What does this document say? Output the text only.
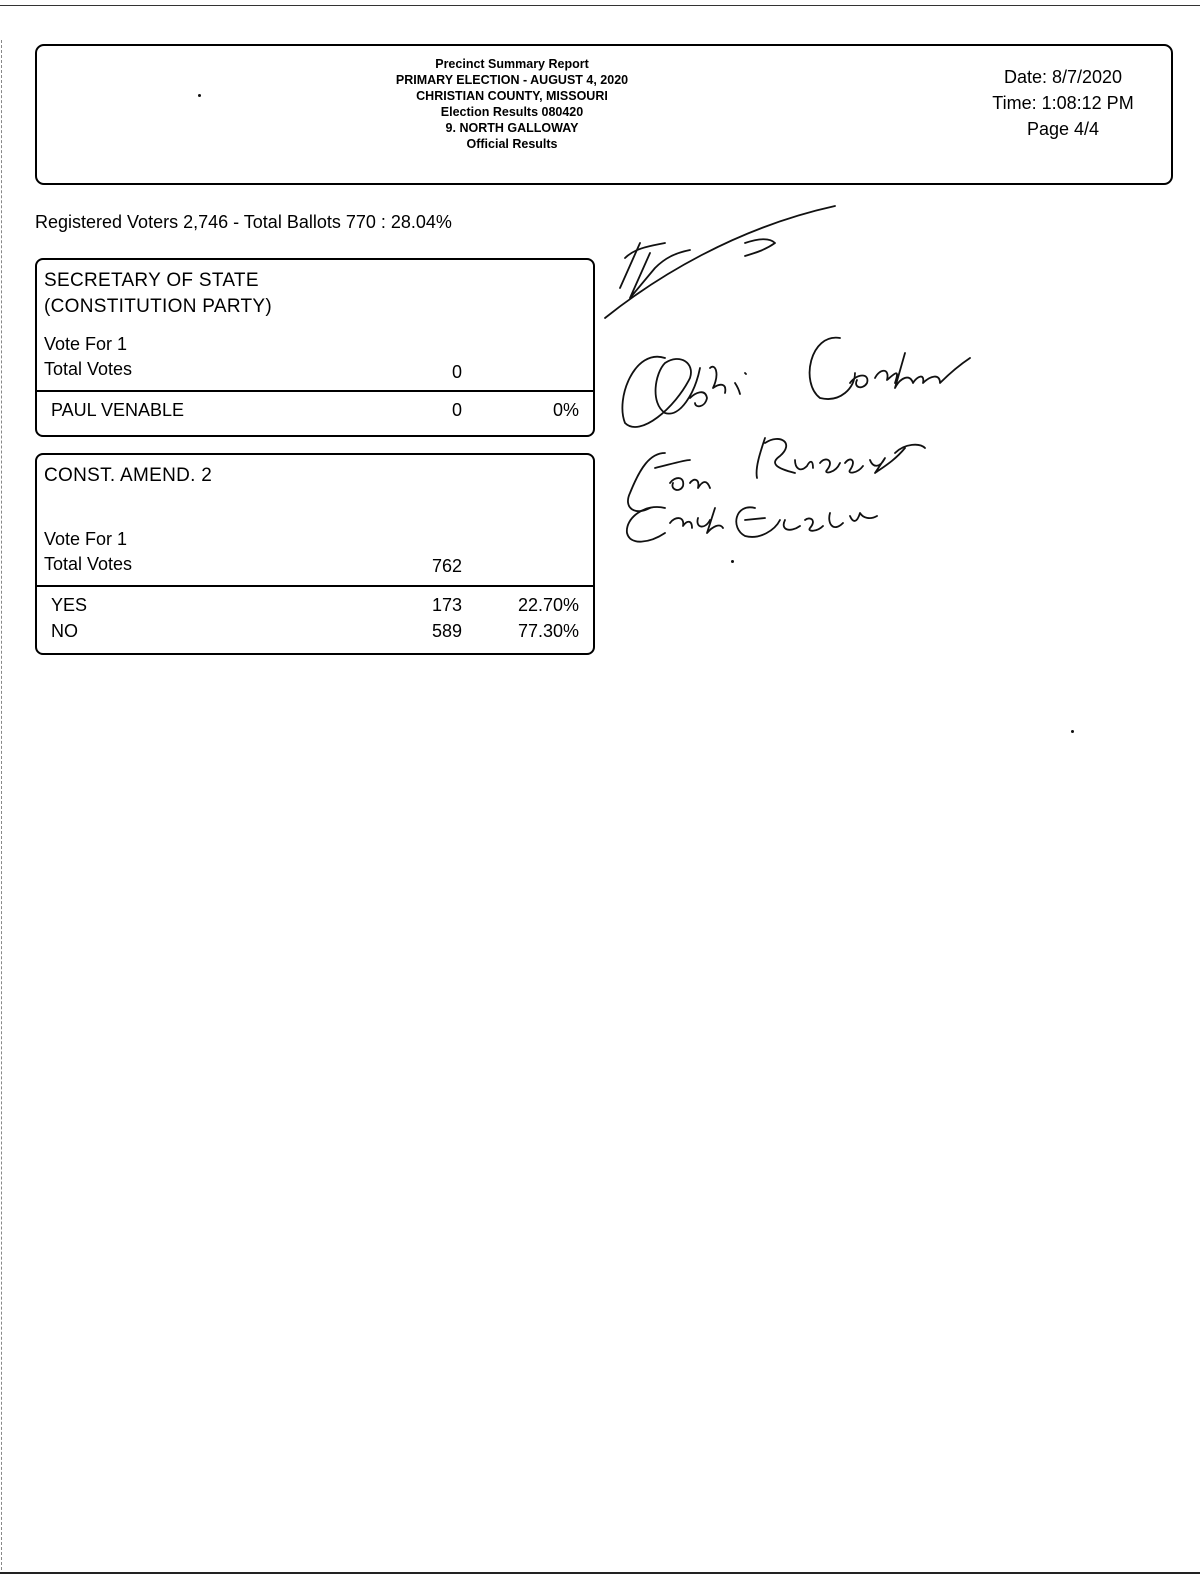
Precinct Summary Report
PRIMARY ELECTION - AUGUST 4, 2020
CHRISTIAN COUNTY, MISSOURI
Election Results 080420
9. NORTH GALLOWAY
Official Results
Date: 8/7/2020
Time: 1:08:12 PM
Page 4/4
Registered Voters 2,746 - Total Ballots 770 : 28.04%
SECRETARY OF STATE
(CONSTITUTION PARTY)
Vote For 1
Total Votes	0
PAUL VENABLE	0	0%
CONST. AMEND. 2
Vote For 1
Total Votes	762
YES	173	22.70%
NO	589	77.30%
